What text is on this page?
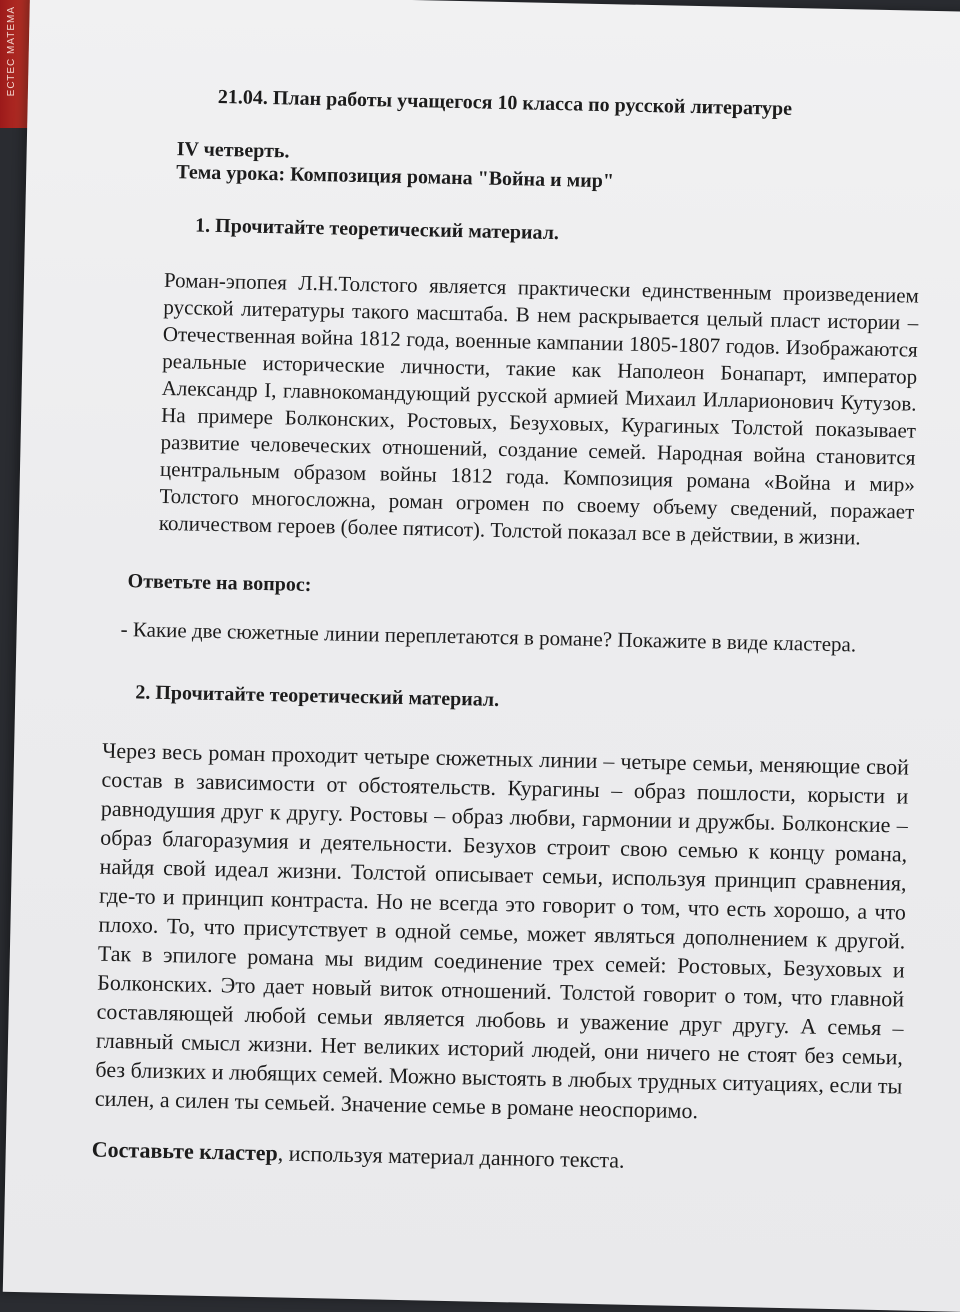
ЕСТЕС МАТЕМА
21.04. План работы учащегося 10 класса по русской литературе
IV четверть.
Тема урока: Композиция романа "Война и мир"
1. Прочитайте теоретический материал.

Роман-эпопея Л.Н.Толстого является практически единственным произведением русской литературы такого масштаба. В нем раскрывается целый пласт истории – Отечественная война 1812 года, военные кампании 1805-1807 годов. Изображаются реальные исторические личности, такие как Наполеон Бонапарт, император Александр I, главнокомандующий русской армией Михаил Илларионович Кутузов. На примере Болконских, Ростовых, Безуховых, Курагиных Толстой показывает развитие человеческих отношений, создание семей. Народная война становится центральным образом войны 1812 года. Композиция романа «Война и мир» Толстого многосложна, роман огромен по своему объему сведений, поражает количеством героев (более пятисот). Толстой показал все в действии, в жизни.

Ответьте на вопрос:

- Какие две сюжетные линии переплетаются в романе? Покажите в виде кластера.

2. Прочитайте теоретический материал.

Через весь роман проходит четыре сюжетных линии – четыре семьи, меняющие свой состав в зависимости от обстоятельств. Курагины – образ пошлости, корысти и равнодушия друг к другу. Ростовы – образ любви, гармонии и дружбы. Болконские – образ благоразумия и деятельности. Безухов строит свою семью к концу романа, найдя свой идеал жизни. Толстой описывает семьи, используя принцип сравнения, где-то и принцип контраста. Но не всегда это говорит о том, что есть хорошо, а что плохо. То, что присутствует в одной семье, может являться дополнением к другой. Так в эпилоге романа мы видим соединение трех семей: Ростовых, Безуховых и Болконских. Это дает новый виток отношений. Толстой говорит о том, что главной составляющей любой семьи является любовь и уважение друг другу. А семья – главный смысл жизни. Нет великих историй людей, они ничего не стоят без семьи, без близких и любящих семей. Можно выстоять в любых трудных ситуациях, если ты силен, а силен ты семьей. Значение семье в романе неоспоримо.

Составьте кластер, используя материал данного текста.
